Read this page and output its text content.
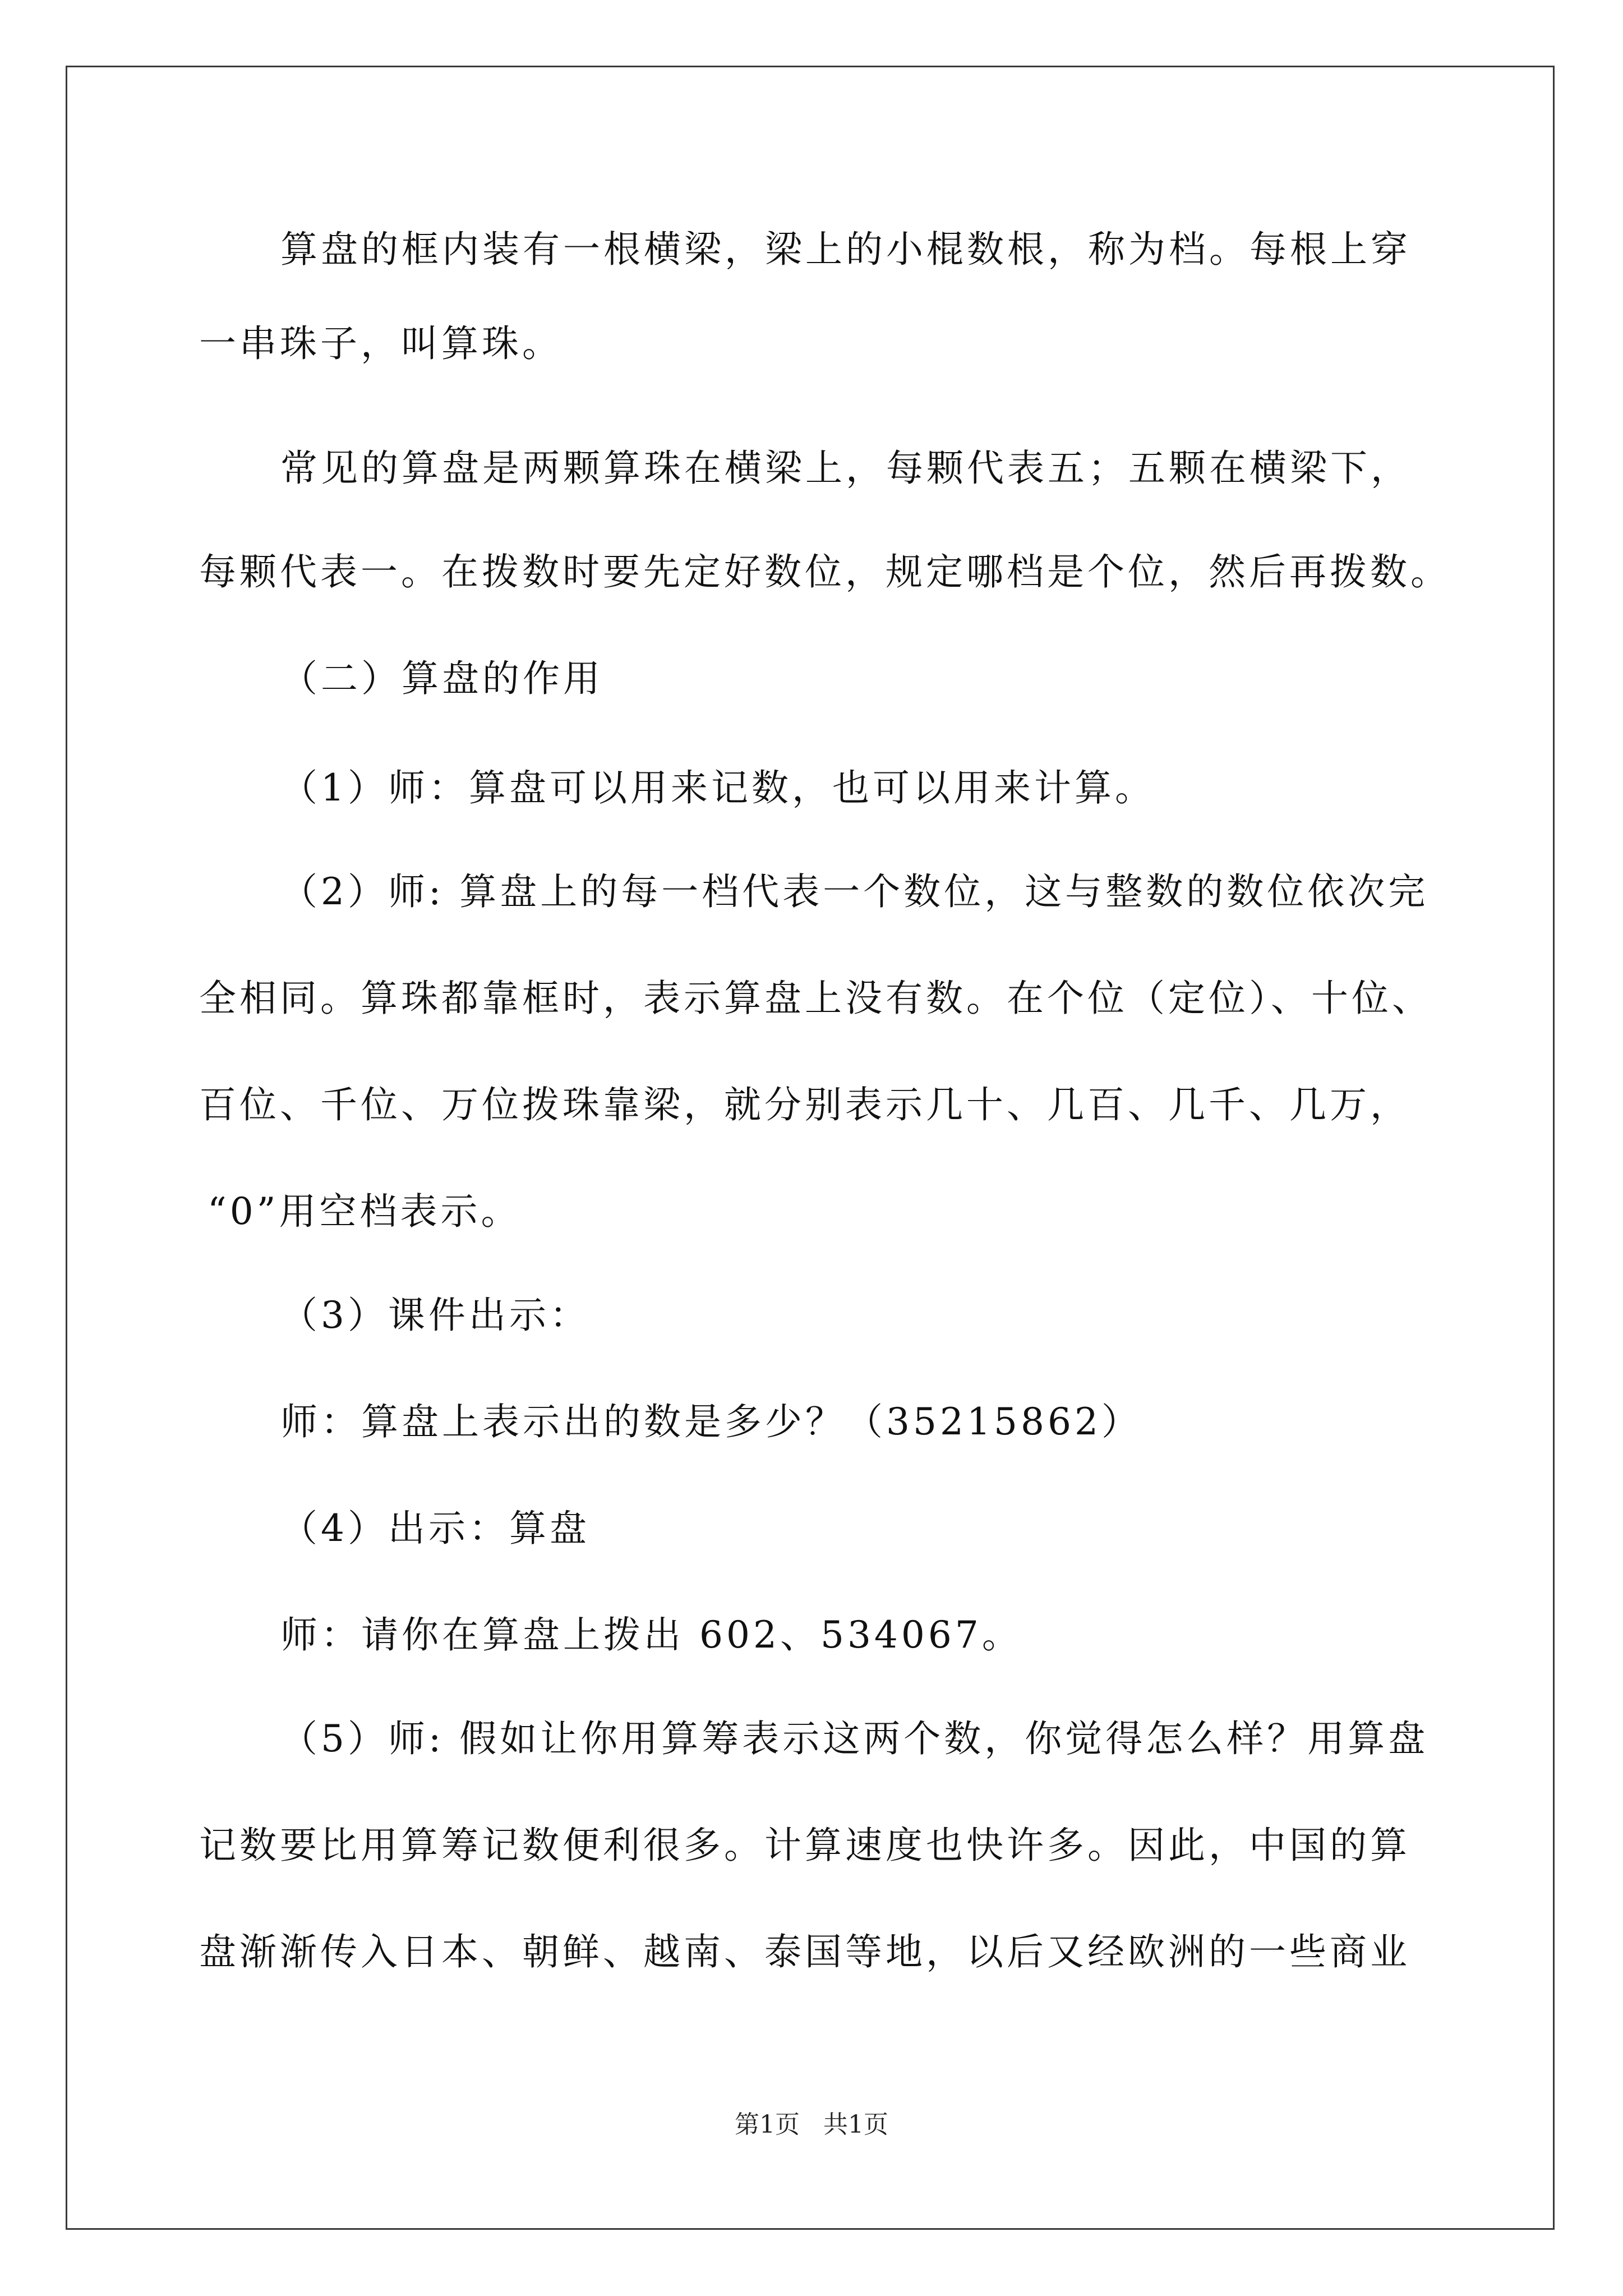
算盘的框内装有一根横梁，梁上的小棍数根，称为档。每根上穿
一串珠子，叫算珠。
常见的算盘是两颗算珠在横梁上，每颗代表五；五颗在横梁下，
每颗代表一。在拨数时要先定好数位，规定哪档是个位，然后再拨数。
（二）算盘的作用
（1）师：算盘可以用来记数，也可以用来计算。
（2）师: 算盘上的每一档代表一个数位，这与整数的数位依次完
全相同。算珠都靠框时，表示算盘上没有数。在个位（定位）、十位、
百位、千位、万位拨珠靠梁，就分别表示几十、几百、几千、几万，
“0”用空档表示。
（3）课件出示：
师：算盘上表示出的数是多少？（35215862）
（4）出示：算盘
师：请你在算盘上拨出 602、534067。
（5）师: 假如让你用算筹表示这两个数，你觉得怎么样？用算盘
记数要比用算筹记数便利很多。计算速度也快许多。因此，中国的算
盘渐渐传入日本、朝鲜、越南、泰国等地，以后又经欧洲的一些商业
第1页   共1页
